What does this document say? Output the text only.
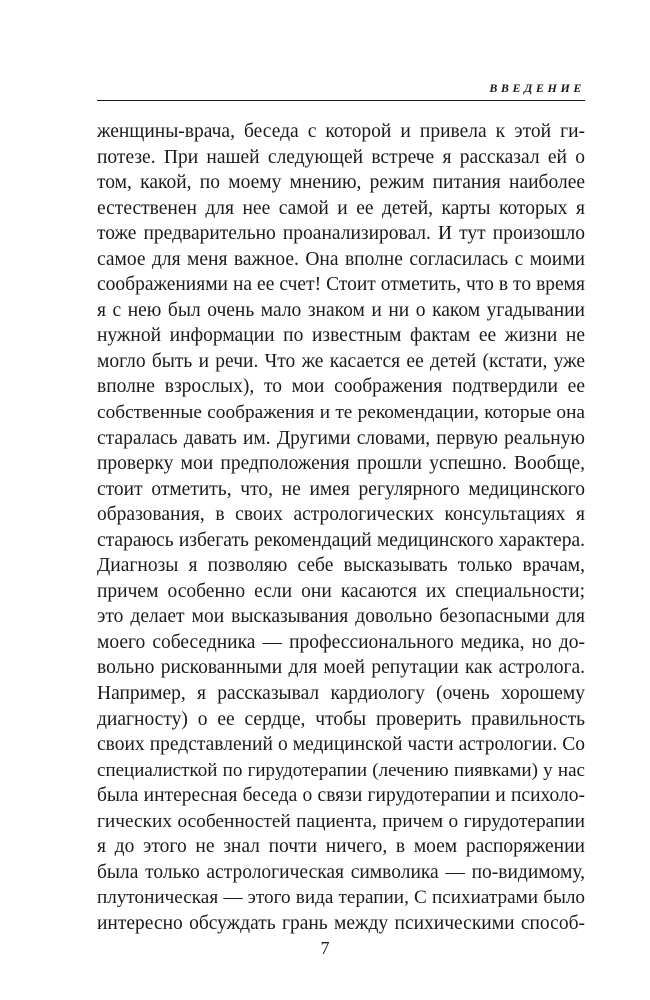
ВВЕДЕНИЕ
женщины-врача, беседа с которой и привела к этой ги-
потезе. При нашей следующей встрече я рассказал ей о
том, какой, по моему мнению, режим питания наиболее
естественен для нее самой и ее детей, карты которых я
тоже предварительно проанализировал. И тут произошло
самое для меня важное. Она вполне согласилась с моими
соображениями на ее счет! Стоит отметить, что в то время
я с нею был очень мало знаком и ни о каком угадывании
нужной информации по известным фактам ее жизни не
могло быть и речи. Что же касается ее детей (кстати, уже
вполне взрослых), то мои соображения подтвердили ее
собственные соображения и те рекомендации, которые она
старалась давать им. Другими словами, первую реальную
проверку мои предположения прошли успешно. Вообще,
стоит отметить, что, не имея регулярного медицинского
образования, в своих астрологических консультациях я
стараюсь избегать рекомендаций медицинского характера.
Диагнозы я позволяю себе высказывать только врачам,
причем особенно если они касаются их специальности;
это делает мои высказывания довольно безопасными для
моего собеседника — профессионального медика, но до-
вольно рискованными для моей репутации как астролога.
Например, я рассказывал кардиологу (очень хорошему
диагносту) о ее сердце, чтобы проверить правильность
своих представлений о медицинской части астрологии. Со
специалисткой по гирудотерапии (лечению пиявками) у нас
была интересная беседа о связи гирудотерапии и психоло-
гических особенностей пациента, причем о гирудотерапии
я до этого не знал почти ничего, в моем распоряжении
была только астрологическая символика — по-видимому,
плутоническая — этого вида терапии, С психиатрами было
интересно обсуждать грань между психическими способ-
7
